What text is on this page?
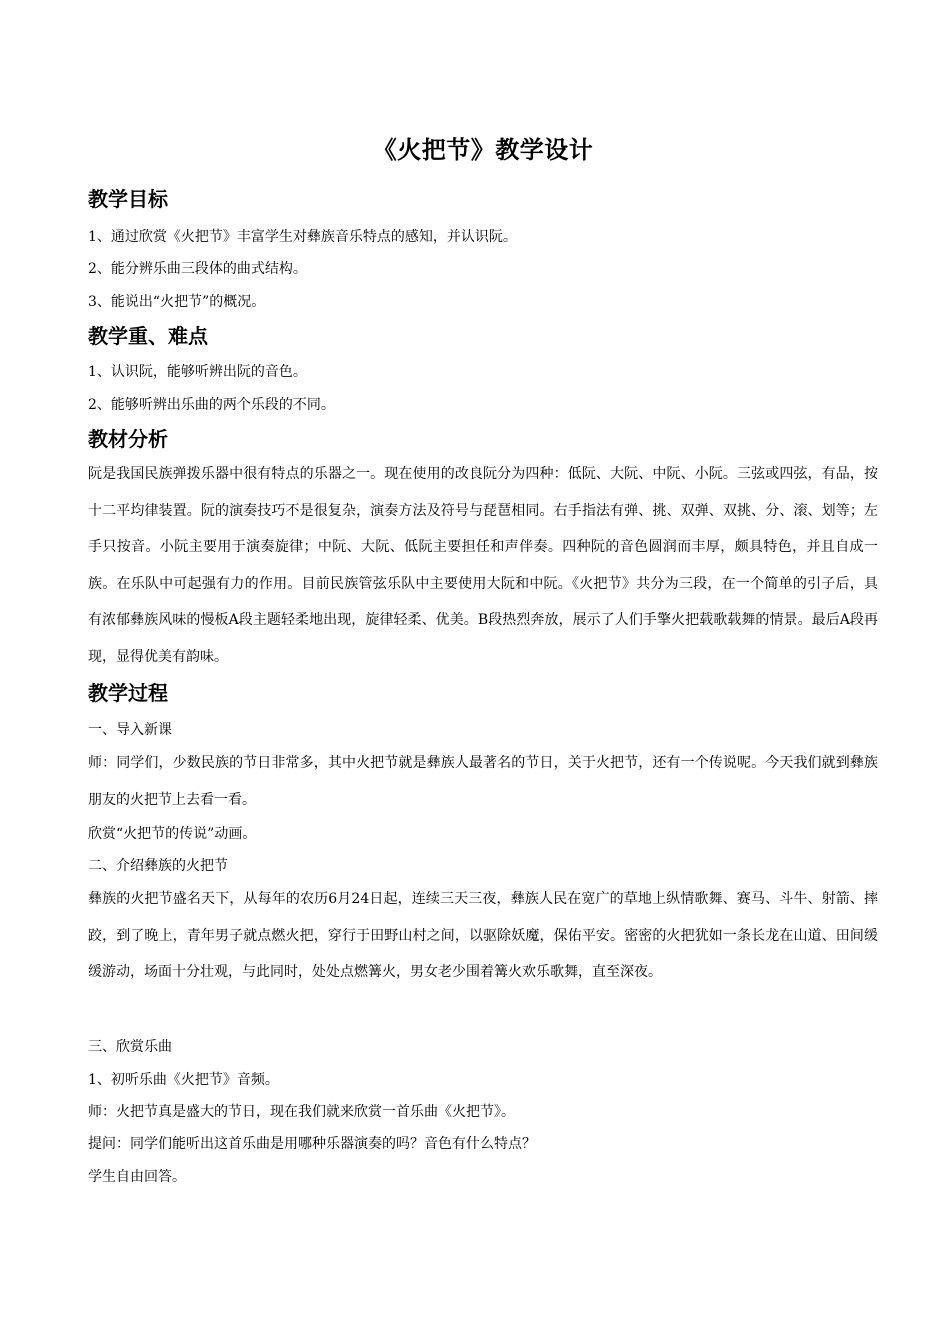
《火把节》教学设计
教学目标
1、通过欣赏《火把节》丰富学生对彝族音乐特点的感知，并认识阮。
2、能分辨乐曲三段体的曲式结构。
3、能说出“火把节”的概况。
教学重、难点
1、认识阮，能够听辨出阮的音色。
2、能够听辨出乐曲的两个乐段的不同。
教材分析
阮是我国民族弹拨乐器中很有特点的乐器之一。现在使用的改良阮分为四种：低阮、大阮、中阮、小阮。三弦或四弦，有品，按十二平均律装置。阮的演奏技巧不是很复杂，演奏方法及符号与琵琶相同。右手指法有弹、挑、双弹、双挑、分、滚、划等；左手只按音。小阮主要用于演奏旋律；中阮、大阮、低阮主要担任和声伴奏。四种阮的音色圆润而丰厚，颇具特色，并且自成一族。在乐队中可起强有力的作用。目前民族管弦乐队中主要使用大阮和中阮。《火把节》共分为三段，在一个简单的引子后，具有浓郁彝族风味的慢板A段主题轻柔地出现，旋律轻柔、优美。B段热烈奔放，展示了人们手擎火把载歌载舞的情景。最后A段再现，显得优美有韵味。
教学过程
一、导入新课
师：同学们，少数民族的节日非常多，其中火把节就是彝族人最著名的节日，关于火把节，还有一个传说呢。今天我们就到彝族朋友的火把节上去看一看。
欣赏“火把节的传说”动画。
二、介绍彝族的火把节
彝族的火把节盛名天下，从每年的农历6月24日起，连续三天三夜，彝族人民在宽广的草地上纵情歌舞、赛马、斗牛、射箭、摔跤，到了晚上，青年男子就点燃火把，穿行于田野山村之间，以驱除妖魔，保佑平安。密密的火把犹如一条长龙在山道、田间缓缓游动，场面十分壮观，与此同时，处处点燃篝火，男女老少围着篝火欢乐歌舞，直至深夜。
三、欣赏乐曲
1、初听乐曲《火把节》音频。
师：火把节真是盛大的节日，现在我们就来欣赏一首乐曲《火把节》。
提问：同学们能听出这首乐曲是用哪种乐器演奏的吗？音色有什么特点？
学生自由回答。
